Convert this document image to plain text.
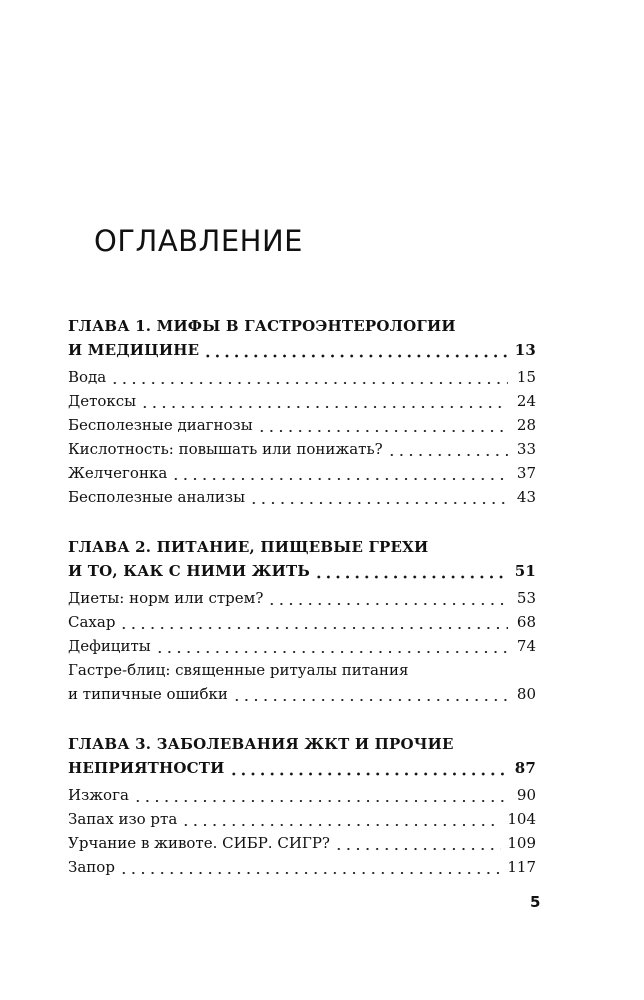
ОГЛАВЛЕНИЕ
ГЛАВА 1. МИФЫ В ГАСТРОЭНТЕРОЛОГИИ
И МЕДИЦИНЕ	13
Вода	15
Детоксы	24
Бесполезные диагнозы	28
Кислотность: повышать или понижать?	33
Желчегонка	37
Бесполезные анализы	43
ГЛАВА 2. ПИТАНИЕ, ПИЩЕВЫЕ ГРЕХИ
И ТО, КАК С НИМИ ЖИТЬ	51
Диеты: норм или стрем?	53
Сахар	68
Дефициты	74
Гастре-блиц: священные ритуалы питания
и типичные ошибки	80
ГЛАВА 3. ЗАБОЛЕВАНИЯ ЖКТ И ПРОЧИЕ
НЕПРИЯТНОСТИ	87
Изжога	90
Запах изо рта	104
Урчание в животе. СИБР. СИГР?	109
Запор	117
5
